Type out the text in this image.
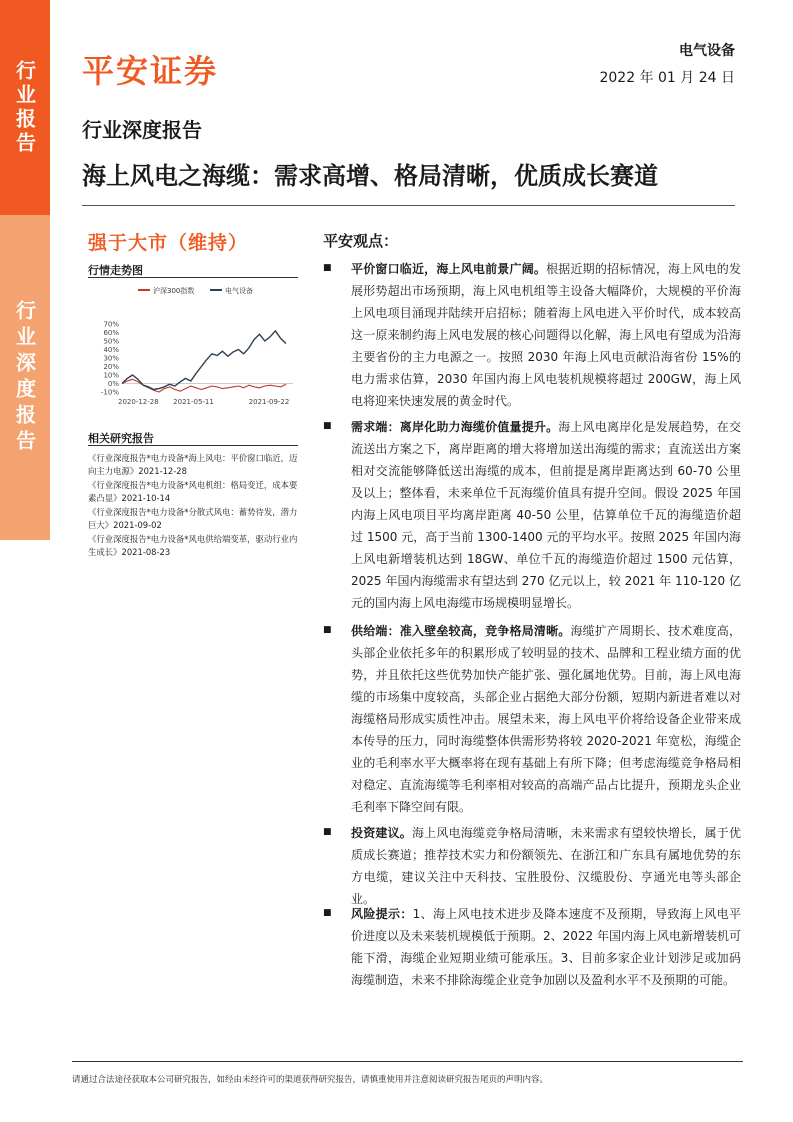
行业报告
行业深度报告
平安证券
电气设备
2022 年 01 月 24 日
行业深度报告
海上风电之海缆：需求高增、格局清晰，优质成长赛道
强于大市（维持）
行情走势图
沪深300指数	电气设备
70%
60%
50%
40%
30%
20%
10%
0%
-10%
2020-12-28 2021-05-11	2021-09-22
相关研究报告
《行业深度报告*电力设备*海上风电：平价窗口临近，迈向主力电源》2021-12-28
《行业深度报告*电力设备*风电机组：格局变迁，成本要素凸显》2021-10-14
《行业深度报告*电力设备*分散式风电：蓄势待发，潜力巨大》2021-09-02
《行业深度报告*电力设备*风电供给端变革，驱动行业内生成长》2021-08-23
平安观点：
■	平价窗口临近，海上风电前景广阔。根据近期的招标情况，海上风电的发展形势超出市场预期，海上风电机组等主设备大幅降价，大规模的平价海上风电项目涌现并陆续开启招标；随着海上风电进入平价时代，成本较高这一原来制约海上风电发展的核心问题得以化解，海上风电有望成为沿海主要省份的主力电源之一。按照 2030 年海上风电贡献沿海省份 15%的电力需求估算，2030 年国内海上风电装机规模将超过 200GW，海上风电将迎来快速发展的黄金时代。

■	需求端：离岸化助力海缆价值量提升。海上风电离岸化是发展趋势，在交流送出方案之下，离岸距离的增大将增加送出海缆的需求；直流送出方案相对交流能够降低送出海缆的成本，但前提是离岸距离达到 60-70 公里及以上；整体看，未来单位千瓦海缆价值具有提升空间。假设 2025 年国内海上风电项目平均离岸距离 40-50 公里，估算单位千瓦的海缆造价超过 1500 元，高于当前 1300-1400 元的平均水平。按照 2025 年国内海上风电新增装机达到 18GW、单位千瓦的海缆造价超过 1500 元估算，2025 年国内海缆需求有望达到 270 亿元以上，较 2021 年 110-120 亿元的国内海上风电海缆市场规模明显增长。

■	供给端：准入壁垒较高，竞争格局清晰。海缆扩产周期长、技术难度高，头部企业依托多年的积累形成了较明显的技术、品牌和工程业绩方面的优势，并且依托这些优势加快产能扩张、强化属地优势。目前，海上风电海缆的市场集中度较高，头部企业占据绝大部分份额，短期内新进者难以对海缆格局形成实质性冲击。展望未来，海上风电平价将给设备企业带来成本传导的压力，同时海缆整体供需形势将较 2020-2021 年宽松，海缆企业的毛利率水平大概率将在现有基础上有所下降；但考虑海缆竞争格局相对稳定、直流海缆等毛利率相对较高的高端产品占比提升，预期龙头企业毛利率下降空间有限。

■	投资建议。海上风电海缆竞争格局清晰，未来需求有望较快增长，属于优质成长赛道；推荐技术实力和份额领先、在浙江和广东具有属地优势的东方电缆，建议关注中天科技、宝胜股份、汉缆股份、亨通光电等头部企业。

■	风险提示：1、海上风电技术进步及降本速度不及预期，导致海上风电平价进度以及未来装机规模低于预期。2、2022 年国内海上风电新增装机可能下滑，海缆企业短期业绩可能承压。3、目前多家企业计划涉足或加码海缆制造，未来不排除海缆企业竞争加剧以及盈利水平不及预期的可能。

请通过合法途径获取本公司研究报告，如经由未经许可的渠道获得研究报告，请慎重使用并注意阅读研究报告尾页的声明内容。
